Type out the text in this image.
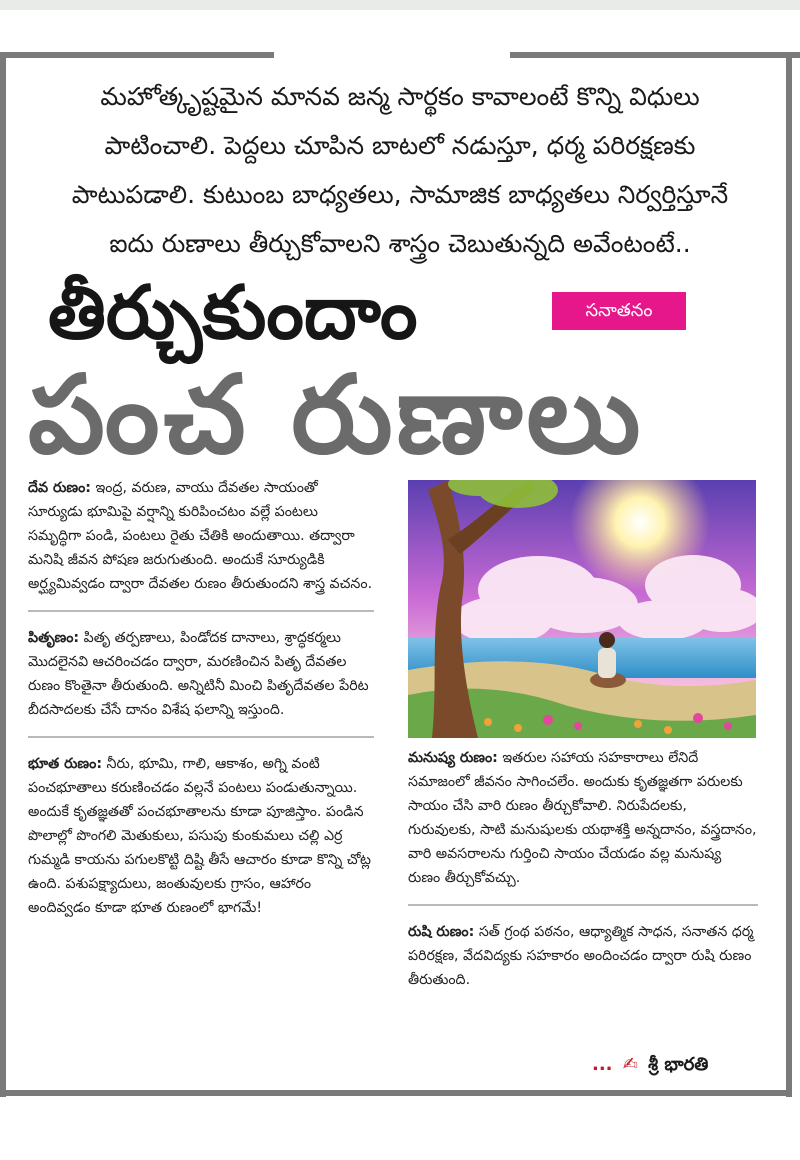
మహోత్కృష్టమైన మానవ జన్మ సార్థకం కావాలంటే కొన్ని విధులు
పాటించాలి. పెద్దలు చూపిన బాటలో నడుస్తూ, ధర్మ పరిరక్షణకు
పాటుపడాలి. కుటుంబ బాధ్యతలు, సామాజిక బాధ్యతలు నిర్వర్తిస్తూనే
ఐదు రుణాలు తీర్చుకోవాలని శాస్త్రం చెబుతున్నది అవేంటంటే..
తీర్చుకుందాం	సనాతనం
పంచ రుణాలు

దేవ రుణం: ఇంద్ర, వరుణ, వాయు దేవతల సాయంతో సూర్యుడు భూమిపై వర్షాన్ని కురిపించటం వల్లే పంటలు సమృద్ధిగా పండి, పంటలు రైతు చేతికి అందుతాయి. తద్వారా మనిషి జీవన పోషణ జరుగుతుంది. అందుకే సూర్యుడికి అర్ఘ్యమివ్వడం ద్వారా దేవతల రుణం తీరుతుందని శాస్త్ర వచనం.

పితృణం: పితృ తర్పణాలు, పిండోదక దానాలు, శ్రాద్ధకర్మలు మొదలైనవి ఆచరించడం ద్వారా, మరణించిన పితృ దేవతల రుణం కొంతైనా తీరుతుంది. అన్నిటినీ మించి పితృదేవతల పేరిట బీదసాదలకు చేసే దానం విశేష ఫలాన్ని ఇస్తుంది.

భూత రుణం: నీరు, భూమి, గాలి, ఆకాశం, అగ్ని వంటి పంచభూతాలు కరుణించడం వల్లనే పంటలు పండుతున్నాయి. అందుకే కృతజ్ఞతతో పంచభూతాలను కూడా పూజిస్తాం. పండిన పొలాల్లో పొంగలి మెతుకులు, పసుపు కుంకుమలు చల్లి ఎర్ర గుమ్మడి కాయను పగులకొట్టి దిష్టి తీసే ఆచారం కూడా కొన్ని చోట్ల ఉంది. పశుపక్ష్యాదులు, జంతువులకు గ్రాసం, ఆహారం అందివ్వడం కూడా భూత రుణంలో భాగమే!

మనుష్య రుణం: ఇతరుల సహాయ సహకారాలు లేనిదే సమాజంలో జీవనం సాగించలేం. అందుకు కృతజ్ఞతగా పరులకు సాయం చేసి వారి రుణం తీర్చుకోవాలి. నిరుపేదలకు, గురువులకు, సాటి మనుషులకు యథాశక్తి అన్నదానం, వస్త్రదానం, వారి అవసరాలను గుర్తించి సాయం చేయడం వల్ల మనుష్య రుణం తీర్చుకోవచ్చు.

రుషి రుణం: సత్ గ్రంథ పఠనం, ఆధ్యాత్మిక సాధన, సనాతన ధర్మ పరిరక్షణ, వేదవిద్యకు సహకారం అందించడం ద్వారా రుషి రుణం తీరుతుంది.

... ✍ శ్రీ భారతి
